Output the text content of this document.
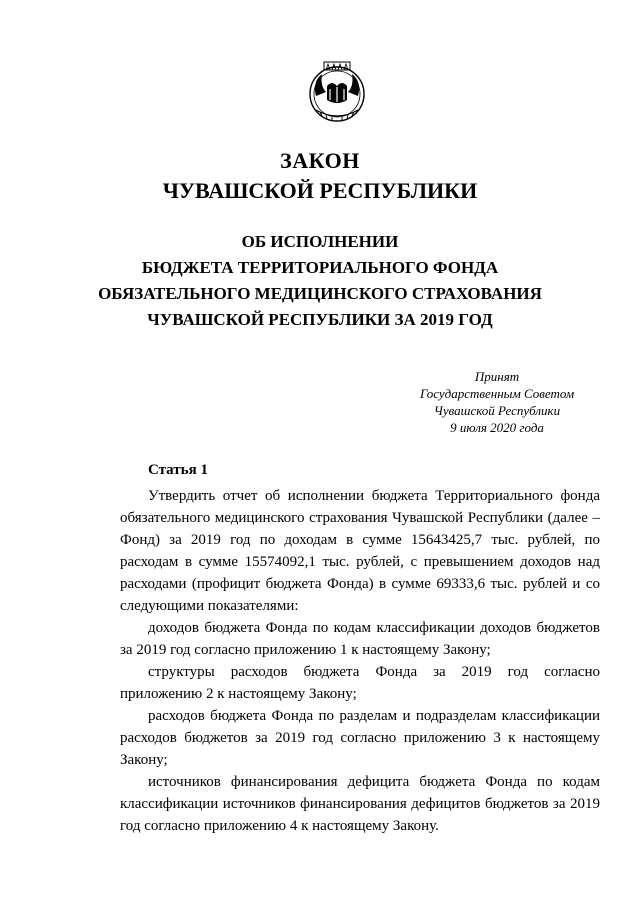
ЗАКОН
ЧУВАШСКОЙ РЕСПУБЛИКИ
ОБ ИСПОЛНЕНИИ
БЮДЖЕТА ТЕРРИТОРИАЛЬНОГО ФОНДА
ОБЯЗАТЕЛЬНОГО МЕДИЦИНСКОГО СТРАХОВАНИЯ
ЧУВАШСКОЙ РЕСПУБЛИКИ ЗА 2019 ГОД
Принят
Государственным Советом
Чувашской Республики
9 июля 2020 года
Статья 1

Утвердить отчет об исполнении бюджета Территориального фонда обязательного медицинского страхования Чувашской Республики (далее – Фонд) за 2019 год по доходам в сумме 15643425,7 тыс. рублей, по расходам в сумме 15574092,1 тыс. рублей, с превышением доходов над расходами (профицит бюджета Фонда) в сумме 69333,6 тыс. рублей и со следующими показателями:

доходов бюджета Фонда по кодам классификации доходов бюджетов за 2019 год согласно приложению 1 к настоящему Закону;

структуры расходов бюджета Фонда за 2019 год согласно приложению 2 к настоящему Закону;

расходов бюджета Фонда по разделам и подразделам классификации расходов бюджетов за 2019 год согласно приложению 3 к настоящему Закону;

источников финансирования дефицита бюджета Фонда по кодам классификации источников финансирования дефицитов бюджетов за 2019 год согласно приложению 4 к настоящему Закону.
